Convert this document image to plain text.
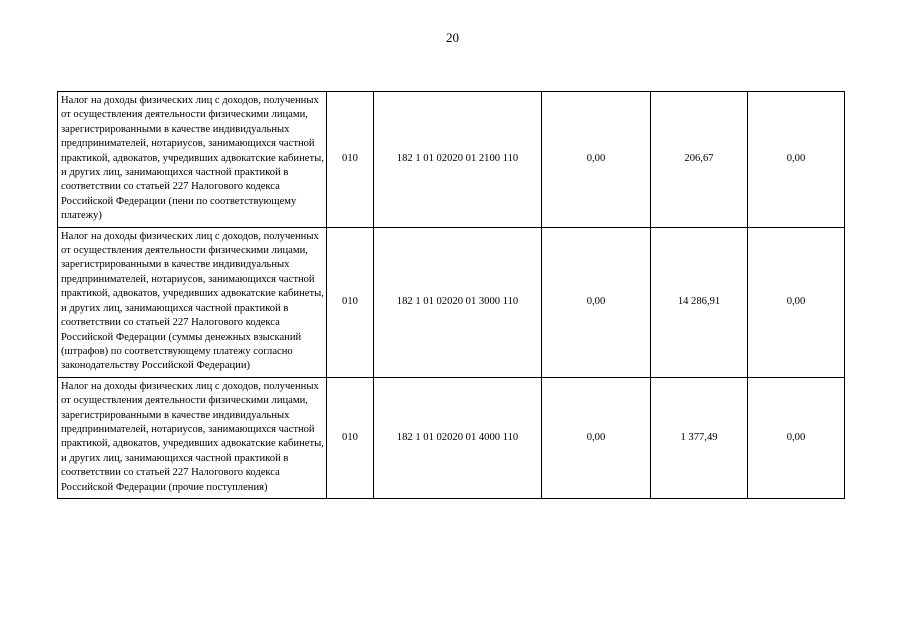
20
Налог на доходы физических лиц с доходов, полученных от осуществления деятельности физическими лицами, зарегистрированными в качестве индивидуальных предпринимателей, нотариусов, занимающихся частной практикой, адвокатов, учредивших адвокатские кабинеты, и других лиц, занимающихся частной практикой в соответствии со статьей 227 Налогового кодекса Российской Федерации (пени по соответствующему платежу)	010	182 1 01 02020 01 2100 110	0,00	206,67	0,00
Налог на доходы физических лиц с доходов, полученных от осуществления деятельности физическими лицами, зарегистрированными в качестве индивидуальных предпринимателей, нотариусов, занимающихся частной практикой, адвокатов, учредивших адвокатские кабинеты, и других лиц, занимающихся частной практикой в соответствии со статьей 227 Налогового кодекса Российской Федерации (суммы денежных взысканий (штрафов) по соответствующему платежу согласно законодательству Российской Федерации)	010	182 1 01 02020 01 3000 110	0,00	14 286,91	0,00
Налог на доходы физических лиц с доходов, полученных от осуществления деятельности физическими лицами, зарегистрированными в качестве индивидуальных предпринимателей, нотариусов, занимающихся частной практикой, адвокатов, учредивших адвокатские кабинеты, и других лиц, занимающихся частной практикой в соответствии со статьей 227 Налогового кодекса Российской Федерации (прочие поступления)	010	182 1 01 02020 01 4000 110	0,00	1 377,49	0,00
